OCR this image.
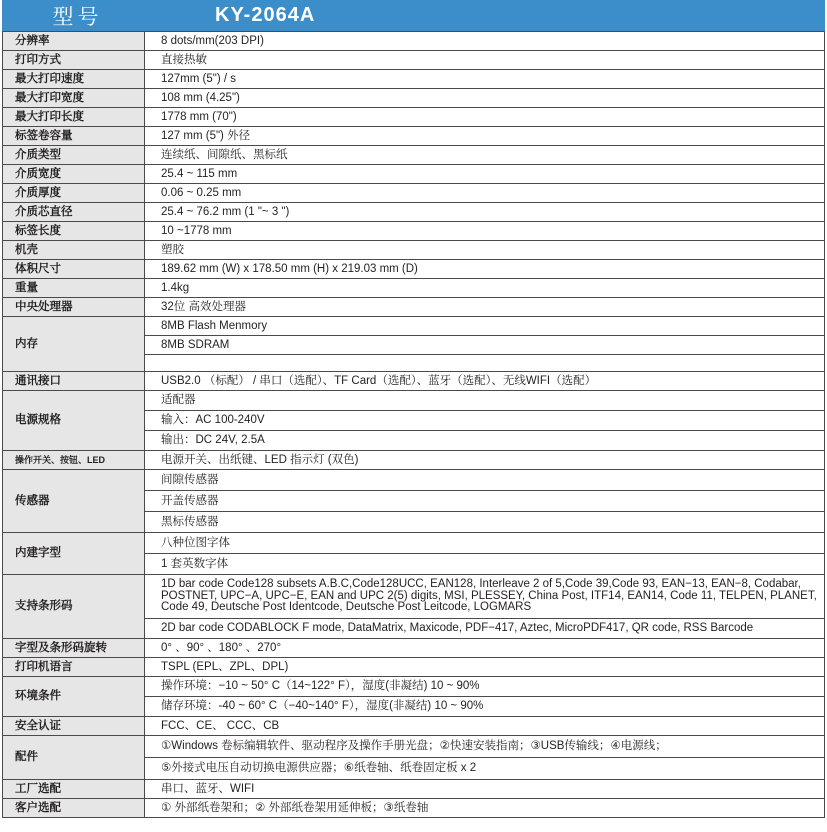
型号	KY-2064A
分辨率	8 dots/mm(203 DPI)
打印方式	直接热敏
最大打印速度	127mm (5") / s
最大打印宽度	108 mm (4.25")
最大打印长度	1778 mm (70")
标签卷容量	127 mm (5") 外径
介质类型	连续纸、间隙纸、黑标纸
介质宽度	25.4 ~ 115 mm
介质厚度	0.06 ~ 0.25 mm
介质芯直径	25.4 ~ 76.2 mm (1 "~ 3 ")
标签长度	10 ~1778 mm
机壳	塑胶
体积尺寸	189.62 mm (W) x 178.50 mm (H) x 219.03 mm (D)
重量	1.4kg
中央处理器	32位 高效处理器
内存	8MB Flash Menmory
	8MB SDRAM

通讯接口	USB2.0 （标配） / 串口（选配）、TF Card（选配）、蓝牙（选配）、无线WIFI（选配）
电源规格	适配器
	输入：AC 100-240V
	输出：DC 24V, 2.5A
操作开关、按钮、LED	电源开关、出纸键、LED 指示灯 (双色)
传感器	间隙传感器
	开盖传感器
	黑标传感器
内建字型	八种位图字体
	1 套英数字体
支持条形码	1D bar code Code128 subsets A.B.C,Code128UCC, EAN128, Interleave 2 of 5,Code 39,Code 93, EAN−13, EAN−8, Codabar, POSTNET, UPC−A, UPC−E, EAN and UPC 2(5) digits, MSI, PLESSEY, China Post, ITF14, EAN14, Code 11, TELPEN, PLANET, Code 49, Deutsche Post Identcode, Deutsche Post Leitcode, LOGMARS
	2D bar code CODABLOCK F mode, DataMatrix, Maxicode, PDF−417, Aztec, MicroPDF417, QR code, RSS Barcode
字型及条形码旋转	0° 、90° 、180° 、270°
打印机语言	TSPL (EPL、ZPL、DPL)
环境条件	操作环境：−10 ~ 50° C（14~122° F），湿度(非凝结) 10 ~ 90%
	储存环境：-40 ~ 60° C（−40~140° F），湿度(非凝结) 10 ~ 90%
安全认证	FCC、CE、 CCC、CB
配件	①Windows 卷标编辑软件、驱动程序及操作手册光盘；②快速安装指南；③USB传输线；④电源线；
	⑤外接式电压自动切换电源供应器；⑥纸卷轴、纸卷固定板 x 2
工厂选配	串口、蓝牙、WIFI
客户选配	① 外部纸卷架和；② 外部纸卷架用延伸板；③纸卷轴
